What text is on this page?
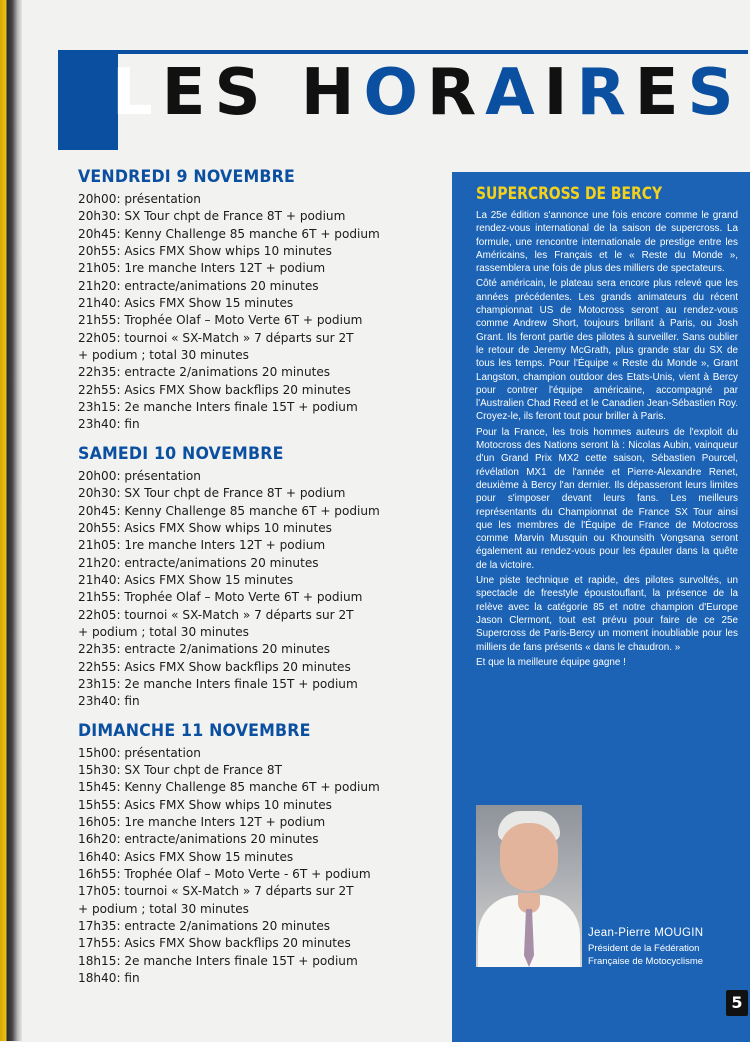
LES HORAIRES
VENDREDI 9 NOVEMBRE
20h00: présentation
20h30: SX Tour chpt de France 8T + podium
20h45: Kenny Challenge 85 manche 6T + podium
20h55: Asics FMX Show whips 10 minutes
21h05: 1re manche Inters 12T + podium
21h20: entracte/animations 20 minutes
21h40: Asics FMX Show 15 minutes
21h55: Trophée Olaf – Moto Verte 6T + podium
22h05: tournoi « SX-Match » 7 départs sur 2T
+ podium ; total 30 minutes
22h35: entracte 2/animations 20 minutes
22h55: Asics FMX Show backflips 20 minutes
23h15: 2e manche Inters finale 15T + podium
23h40: fin
SAMEDI 10 NOVEMBRE
20h00: présentation
20h30: SX Tour chpt de France 8T + podium
20h45: Kenny Challenge 85 manche 6T + podium
20h55: Asics FMX Show whips 10 minutes
21h05: 1re manche Inters 12T + podium
21h20: entracte/animations 20 minutes
21h40: Asics FMX Show 15 minutes
21h55: Trophée Olaf – Moto Verte 6T + podium
22h05: tournoi « SX-Match » 7 départs sur 2T
+ podium ; total 30 minutes
22h35: entracte 2/animations 20 minutes
22h55: Asics FMX Show backflips 20 minutes
23h15: 2e manche Inters finale 15T + podium
23h40: fin
DIMANCHE 11 NOVEMBRE
15h00: présentation
15h30: SX Tour chpt de France 8T
15h45: Kenny Challenge 85 manche 6T + podium
15h55: Asics FMX Show whips 10 minutes
16h05: 1re manche Inters 12T + podium
16h20: entracte/animations 20 minutes
16h40: Asics FMX Show 15 minutes
16h55: Trophée Olaf – Moto Verte - 6T + podium
17h05: tournoi « SX-Match » 7 départs sur 2T
+ podium ; total 30 minutes
17h35: entracte 2/animations 20 minutes
17h55: Asics FMX Show backflips 20 minutes
18h15: 2e manche Inters finale 15T + podium
18h40: fin
SUPERCROSS DE BERCY

La 25e édition s'annonce une fois encore comme le grand rendez-vous international de la saison de supercross. La formule, une rencontre internationale de prestige entre les Américains, les Français et le « Reste du Monde », rassemblera une fois de plus des milliers de spectateurs.

Côté américain, le plateau sera encore plus relevé que les années précédentes. Les grands animateurs du récent championnat US de Motocross seront au rendez-vous comme Andrew Short, toujours brillant à Paris, ou Josh Grant. Ils feront partie des pilotes à surveiller. Sans oublier le retour de Jeremy McGrath, plus grande star du SX de tous les temps. Pour l'Équipe « Reste du Monde », Grant Langston, champion outdoor des Etats-Unis, vient à Bercy pour contrer l'équipe américaine, accompagné par l'Australien Chad Reed et le Canadien Jean-Sébastien Roy. Croyez-le, ils feront tout pour briller à Paris.

Pour la France, les trois hommes auteurs de l'exploit du Motocross des Nations seront là : Nicolas Aubin, vainqueur d'un Grand Prix MX2 cette saison, Sébastien Pourcel, révélation MX1 de l'année et Pierre-Alexandre Renet, deuxième à Bercy l'an dernier. Ils dépasseront leurs limites pour s'imposer devant leurs fans. Les meilleurs représentants du Championnat de France SX Tour ainsi que les membres de l'Équipe de France de Motocross comme Marvin Musquin ou Khounsith Vongsana seront également au rendez-vous pour les épauler dans la quête de la victoire.

Une piste technique et rapide, des pilotes survoltés, un spectacle de freestyle époustouflant, la présence de la relève avec la catégorie 85 et notre champion d'Europe Jason Clermont, tout est prévu pour faire de ce 25e Supercross de Paris-Bercy un moment inoubliable pour les milliers de fans présents « dans le chaudron. »

Et que la meilleure équipe gagne !

Jean-Pierre MOUGIN
Président de la Fédération
Française de Motocyclisme
5
